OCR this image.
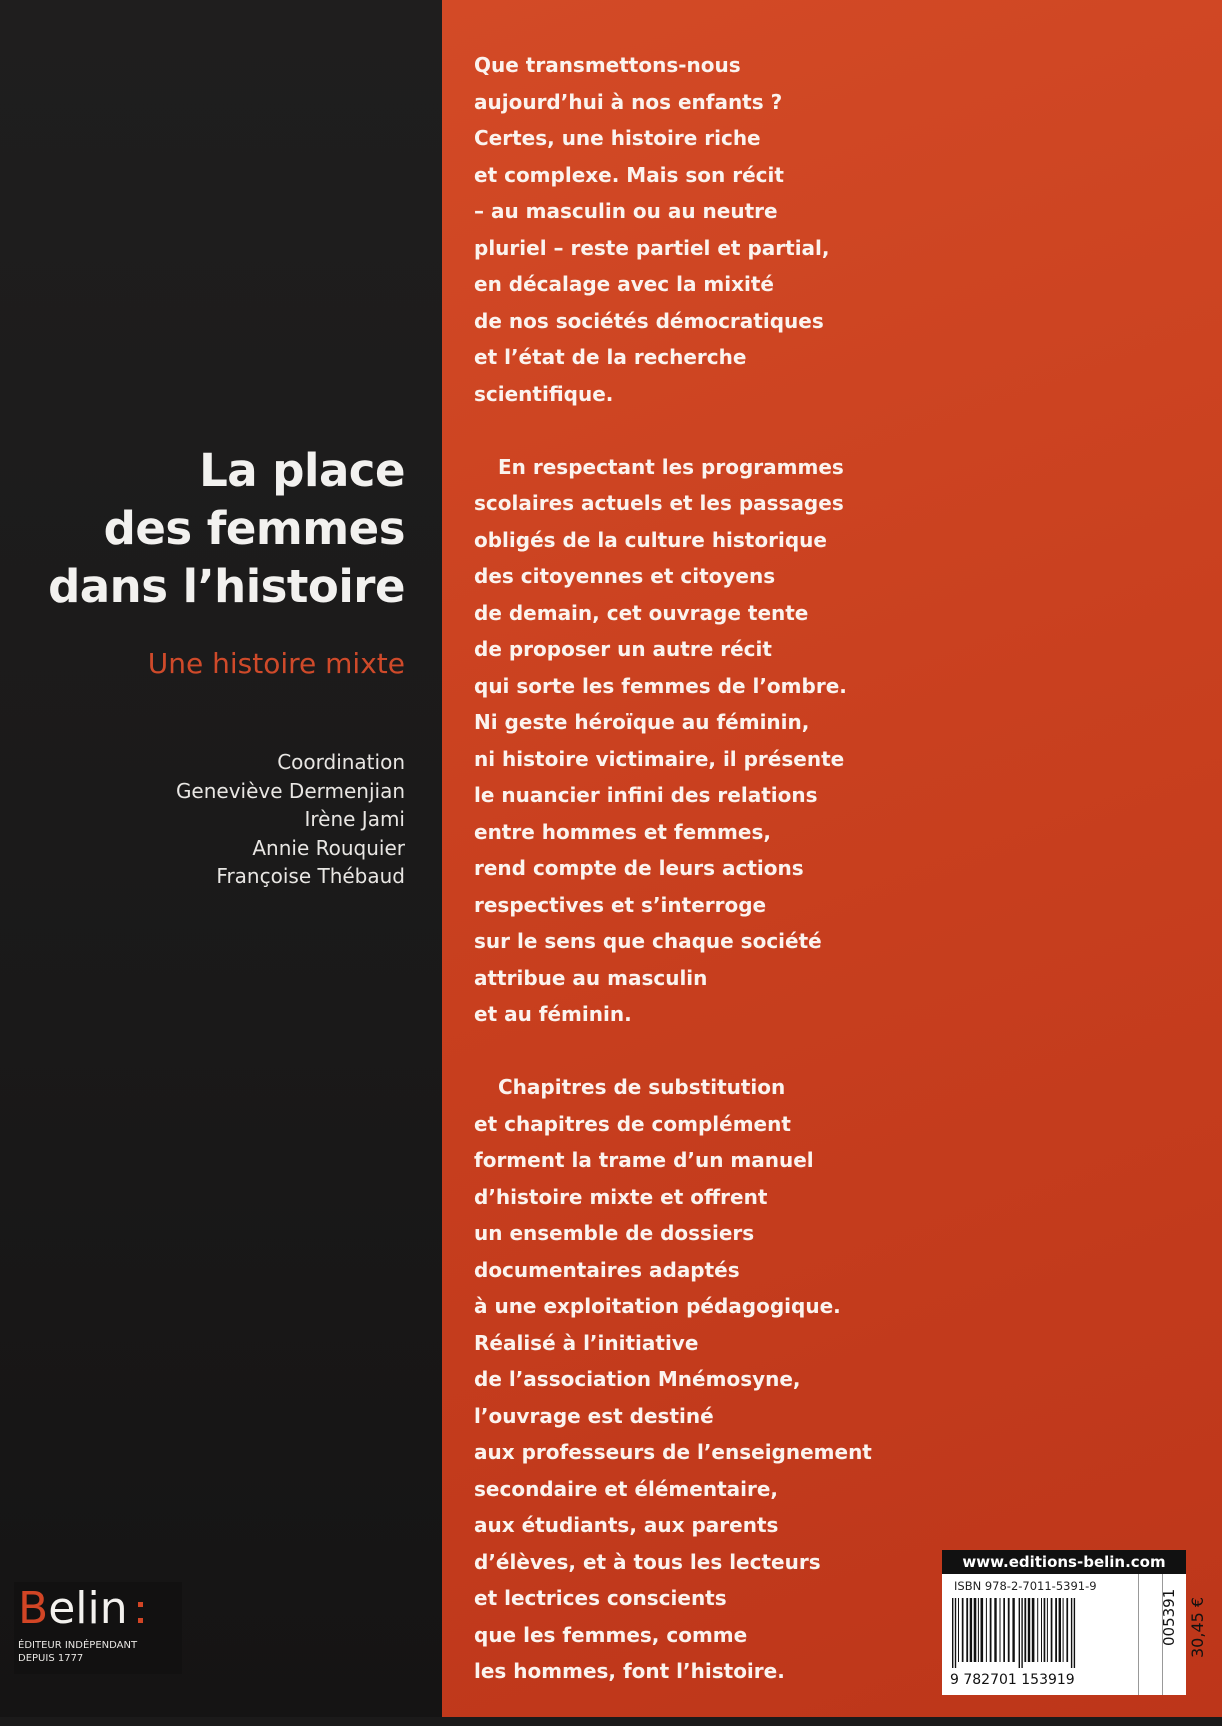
La place
des femmes
dans l’histoire
Une histoire mixte
Coordination
Geneviève Dermenjian
Irène Jami
Annie Rouquier
Françoise Thébaud
Que transmettons-nous
aujourd’hui à nos enfants ?
Certes, une histoire riche
et complexe. Mais son récit
– au masculin ou au neutre
pluriel – reste partiel et partial,
en décalage avec la mixité
de nos sociétés démocratiques
et l’état de la recherche
scientifique.
En respectant les programmes
scolaires actuels et les passages
obligés de la culture historique
des citoyennes et citoyens
de demain, cet ouvrage tente
de proposer un autre récit
qui sorte les femmes de l’ombre.
Ni geste héroïque au féminin,
ni histoire victimaire, il présente
le nuancier infini des relations
entre hommes et femmes,
rend compte de leurs actions
respectives et s’interroge
sur le sens que chaque société
attribue au masculin
et au féminin.
Chapitres de substitution
et chapitres de complément
forment la trame d’un manuel
d’histoire mixte et offrent
un ensemble de dossiers
documentaires adaptés
à une exploitation pédagogique.
Réalisé à l’initiative
de l’association Mnémosyne,
l’ouvrage est destiné
aux professeurs de l’enseignement
secondaire et élémentaire,
aux étudiants, aux parents
d’élèves, et à tous les lecteurs
et lectrices conscients
que les femmes, comme
les hommes, font l’histoire.
Belin
ÉDITEUR INDÉPENDANT
DEPUIS 1777
www.editions-belin.com
ISBN 978-2-7011-5391-9
9 782701 153919
005391 30,45 €
